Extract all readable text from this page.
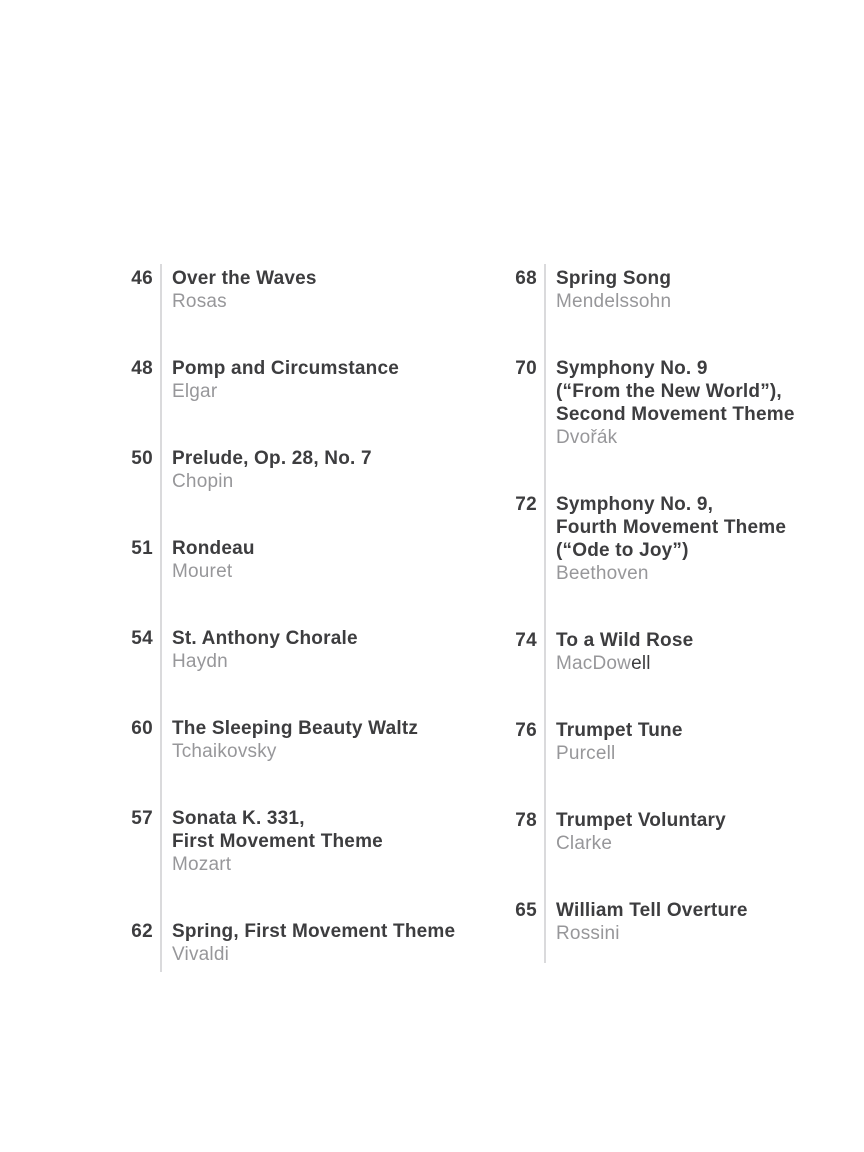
46 Over the Waves
Rosas
48 Pomp and Circumstance
Elgar
50 Prelude, Op. 28, No. 7
Chopin
51 Rondeau
Mouret
54 St. Anthony Chorale
Haydn
60 The Sleeping Beauty Waltz
Tchaikovsky
57 Sonata K. 331,
First Movement Theme
Mozart
62 Spring, First Movement Theme
Vivaldi
68 Spring Song
Mendelssohn
70 Symphony No. 9
(“From the New World”),
Second Movement Theme
Dvořák
72 Symphony No. 9,
Fourth Movement Theme
(“Ode to Joy”)
Beethoven
74 To a Wild Rose
MacDowell
76 Trumpet Tune
Purcell
78 Trumpet Voluntary
Clarke
65 William Tell Overture
Rossini
